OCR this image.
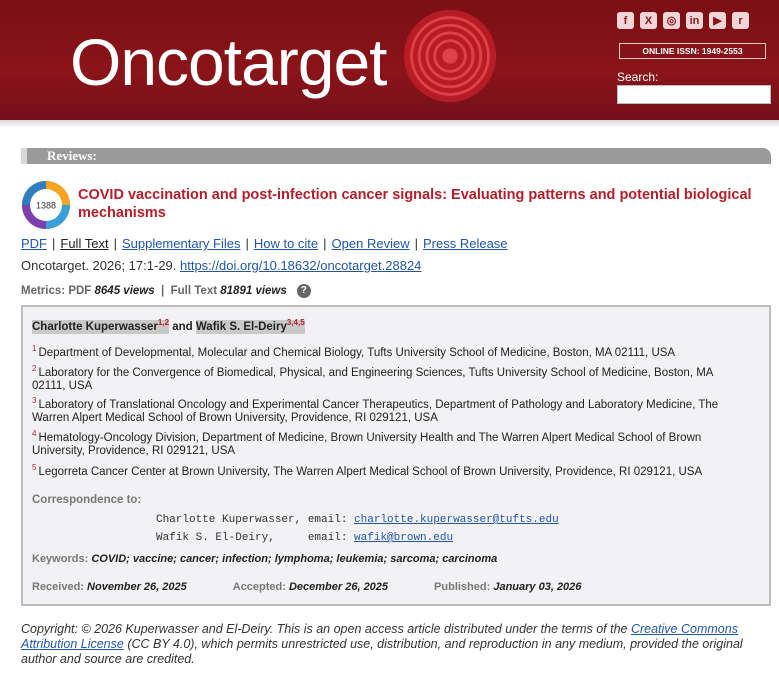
Oncotarget
f	X	◎	in	▶	r
ONLINE ISSN: 1949-2553
Search:
Reviews:
1388
COVID vaccination and post-infection cancer signals: Evaluating patterns and potential biological mechanisms
PDF | Full Text | Supplementary Files | How to cite | Open Review | Press Release
Oncotarget. 2026; 17:1-29. https://doi.org/10.18632/oncotarget.28824
Metrics:
PDF
8645 views
|
Full Text
81891 views	?
Charlotte Kuperwasser$^{1,2}$ and Wafik S. El-Deiry$^{3,4,5}$
$^1$ Department of Developmental, Molecular and Chemical Biology, Tufts University School of Medicine, Boston, MA 02111, USA
$^2$ Laboratory for the Convergence of Biomedical, Physical, and Engineering Sciences, Tufts University School of Medicine, Boston, MA 02111, USA
$^3$ Laboratory of Translational Oncology and Experimental Cancer Therapeutics, Department of Pathology and Laboratory Medicine, The Warren Alpert Medical School of Brown University, Providence, RI 029121, USA
$^4$ Hematology-Oncology Division, Department of Medicine, Brown University Health and The Warren Alpert Medical School of Brown University, Providence, RI 029121, USA
$^5$ Legorreta Cancer Center at Brown University, The Warren Alpert Medical School of Brown University, Providence, RI 029121, USA
Correspondence to:
Charlotte Kuperwasser, email: charlotte.kuperwasser@tufts.edu
Wafik S. El-Deiry,     email: wafik@brown.edu
Keywords: COVID; vaccine; cancer; infection; lymphoma; leukemia; sarcoma; carcinoma
Received: November 26, 2025	Accepted: December 26, 2025	Published: January 03, 2026
Copyright: © 2026 Kuperwasser and El-Deiry. This is an open access article distributed under the terms of the Creative Commons Attribution License (CC BY 4.0), which permits unrestricted use, distribution, and reproduction in any medium, provided the original author and source are credited.
